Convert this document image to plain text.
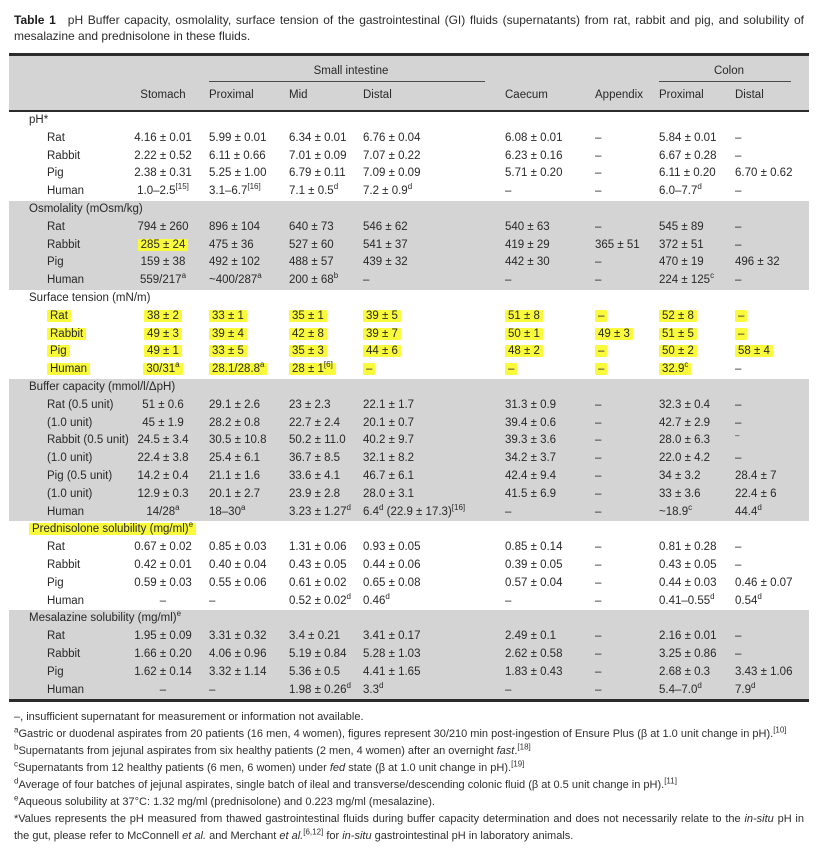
Table 1 pH Buffer capacity, osmolality, surface tension of the gastrointestinal (GI) fluids (supernatants) from rat, rabbit and pig, and solubility of mesalazine and prednisolone in these fluids.

Small intestine	Colon
Stomach	Proximal	Mid	Distal	Caecum	Appendix	Proximal	Distal
pH*
Rat	4.16 ± 0.01	5.99 ± 0.01	6.34 ± 0.01	6.76 ± 0.04	6.08 ± 0.01	–	5.84 ± 0.01	–
Rabbit	2.22 ± 0.52	6.11 ± 0.66	7.01 ± 0.09	7.07 ± 0.22	6.23 ± 0.16	–	6.67 ± 0.28	–
Pig	2.38 ± 0.31	5.25 ± 1.00	6.79 ± 0.11	7.09 ± 0.09	5.71 ± 0.20	–	6.11 ± 0.20	6.70 ± 0.62
Human	1.0–2.5[15]	3.1–6.7[16]	7.1 ± 0.5$^d$	7.2 ± 0.9$^d$	–	–	6.0–7.7$^d$	–
Osmolality (mOsm/kg)
Rat	794 ± 260	896 ± 104	640 ± 73	546 ± 62	540 ± 63	–	545 ± 89	–
Rabbit	285 ± 24	475 ± 36	527 ± 60	541 ± 37	419 ± 29	365 ± 51	372 ± 51	–
Pig	159 ± 38	492 ± 102	488 ± 57	439 ± 32	442 ± 30	–	470 ± 19	496 ± 32
Human	559/217$^a$	~400/287$^a$	$200 \pm 68^b$	–	–	–	$224 \pm 125^c$	–
Surface tension (mN/m)
Rat	38 ± 2	33 ± 1	35 ± 1	39 ± 5	51 ± 8	–	52 ± 8	–
Rabbit	49 ± 3	39 ± 4	42 ± 8	39 ± 7	50 ± 1	49 ± 3	51 ± 5	–
Pig	49 ± 1	33 ± 5	35 ± 3	44 ± 6	48 ± 2	–	50 ± 2	58 ± 4
Human	30/31$^a$	28.1/28.8$^a$	28 ± 1[6]	–	–	–	32.9$^c$	–
Buffer capacity (mmol/l/ΔpH)
Rat (0.5 unit)	51 ± 0.6	29.1 ± 2.6	23 ± 2.3	22.1 ± 1.7	31.3 ± 0.9	–	32.3 ± 0.4	–
(1.0 unit)	45 ± 1.9	28.2 ± 0.8	22.7 ± 2.4	20.1 ± 0.7	39.4 ± 0.6	–	42.7 ± 2.9	–
Rabbit (0.5 unit) 24.5 ± 3.4	30.5 ± 10.8	50.2 ± 11.0	40.2 ± 9.7	39.3 ± 3.6	–	28.0 ± 6.3	–
(1.0 unit)	22.4 ± 3.8	25.4 ± 6.1	36.7 ± 8.5	32.1 ± 8.2	34.2 ± 3.7	–	22.0 ± 4.2	–
Pig (0.5 unit)	14.2 ± 0.4	21.1 ± 1.6	33.6 ± 4.1	46.7 ± 6.1	42.4 ± 9.4	–	34 ± 3.2	28.4 ± 7
(1.0 unit)	12.9 ± 0.3	20.1 ± 2.7	23.9 ± 2.8	28.0 ± 3.1	41.5 ± 6.9	–	33 ± 3.6	22.4 ± 6
Human	14/28$^a$	18–30$^a$	3.23 ± 1.27$^d$	6.4$^d$ (22.9 ± 17.3)[16]	–	–	~18.9$^c$	44.4$^d$
Prednisolone solubility $(mg/ml)^e$
Rat	0.67 ± 0.02	0.85 ± 0.03	1.31 ± 0.06	0.93 ± 0.05	0.85 ± 0.14	–	0.81 ± 0.28	–
Rabbit	0.42 ± 0.01	0.40 ± 0.04	0.43 ± 0.05	0.44 ± 0.06	0.39 ± 0.05	–	0.43 ± 0.05	–
Pig	0.59 ± 0.03	0.55 ± 0.06	0.61 ± 0.02	0.65 ± 0.08	0.57 ± 0.04	–	0.44 ± 0.03	0.46 ± 0.07
Human	–	–	0.52 ± 0.02$^d$	0.46$^d$	–	–	0.41–0.55$^d$	0.54$^d$
Mesalazine solubility $(mg/ml)^e$
Rat	1.95 ± 0.09	3.31 ± 0.32	3.4 ± 0.21	3.41 ± 0.17	2.49 ± 0.1	–	2.16 ± 0.01	–
Rabbit	1.66 ± 0.20	4.06 ± 0.96	5.19 ± 0.84	5.28 ± 1.03	2.62 ± 0.58	–	3.25 ± 0.86	–
Pig	1.62 ± 0.14	3.32 ± 1.14	5.36 ± 0.5	4.41 ± 1.65	1.83 ± 0.43	–	2.68 ± 0.3	3.43 ± 1.06
Human	–	–	1.98 ± 0.26$^d$	3.3$^d$	–	–	5.4–7.0$^d$	7.9$^d$

–, insufficient supernatant for measurement or information not available.

$^a$Gastric or duodenal aspirates from 20 patients (16 men, 4 women), figures represent 30/210 min post-ingestion of Ensure Plus (β at 1.0 unit change in pH).[10]

$^b$Supernatants from jejunal aspirates from six healthy patients (2 men, 4 women) after an overnight fast.[18]

$^c$Supernatants from 12 healthy patients (6 men, 6 women) under fed state (β at 1.0 unit change in pH).[19]

$^d$Average of four batches of jejunal aspirates, single batch of ileal and transverse/descending colonic fluid (β at 0.5 unit change in pH).[11]

$^e$Aqueous solubility at 37°C: 1.32 mg/ml (prednisolone) and 0.223 mg/ml (mesalazine).

*Values represents the pH measured from thawed gastrointestinal fluids during buffer capacity determination and does not necessarily relate to the in-situ pH in the gut, please refer to McConnell et al. and Merchant et al.[6,12] for in-situ gastrointestinal pH in laboratory animals.
